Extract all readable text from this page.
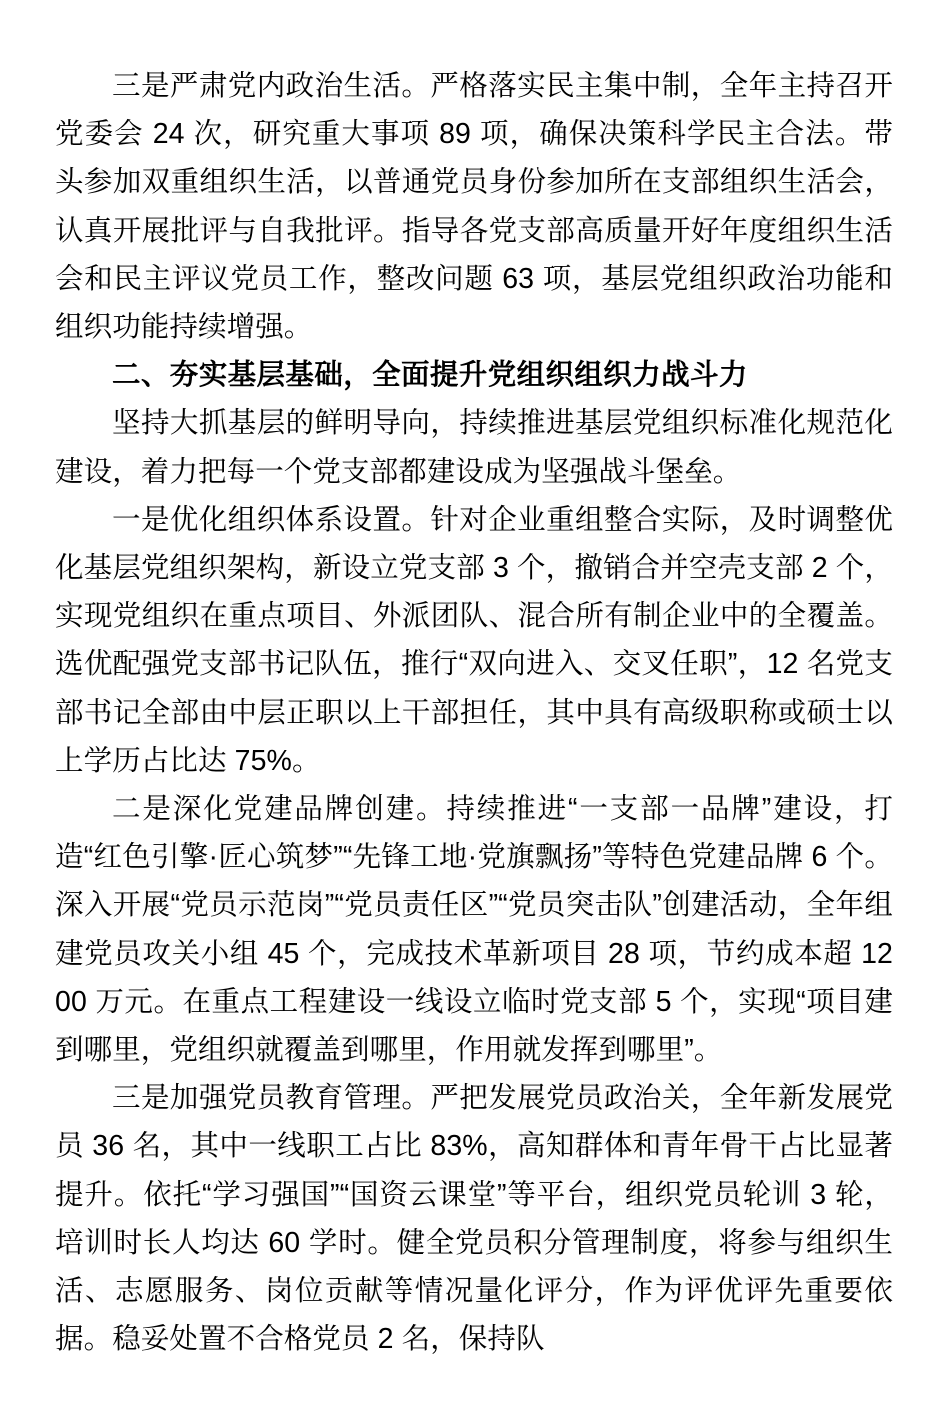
三是严肃党内政治生活。严格落实民主集中制，全年主持召开党委会 24 次，研究重大事项 89 项，确保决策科学民主合法。带头参加双重组织生活，以普通党员身份参加所在支部组织生活会，认真开展批评与自我批评。指导各党支部高质量开好年度组织生活会和民主评议党员工作，整改问题 63 项，基层党组织政治功能和组织功能持续增强。

二、夯实基层基础，全面提升党组织组织力战斗力

坚持大抓基层的鲜明导向，持续推进基层党组织标准化规范化建设，着力把每一个党支部都建设成为坚强战斗堡垒。

一是优化组织体系设置。针对企业重组整合实际，及时调整优化基层党组织架构，新设立党支部 3 个，撤销合并空壳支部 2 个，实现党组织在重点项目、外派团队、混合所有制企业中的全覆盖。选优配强党支部书记队伍，推行“双向进入、交叉任职”，12 名党支部书记全部由中层正职以上干部担任，其中具有高级职称或硕士以上学历占比达 75%。

二是深化党建品牌创建。持续推进“一支部一品牌”建设，打造“红色引擎·匠心筑梦”“先锋工地·党旗飘扬”等特色党建品牌 6 个。深入开展“党员示范岗”“党员责任区”“党员突击队”创建活动，全年组建党员攻关小组 45 个，完成技术革新项目 28 项，节约成本超 1200 万元。在重点工程建设一线设立临时党支部 5 个，实现“项目建到哪里，党组织就覆盖到哪里，作用就发挥到哪里”。

三是加强党员教育管理。严把发展党员政治关，全年新发展党员 36 名，其中一线职工占比 83%，高知群体和青年骨干占比显著提升。依托“学习强国”“国资云课堂”等平台，组织党员轮训 3 轮，培训时长人均达 60 学时。健全党员积分管理制度，将参与组织生活、志愿服务、岗位贡献等情况量化评分，作为评优评先重要依据。稳妥处置不合格党员 2 名，保持队
